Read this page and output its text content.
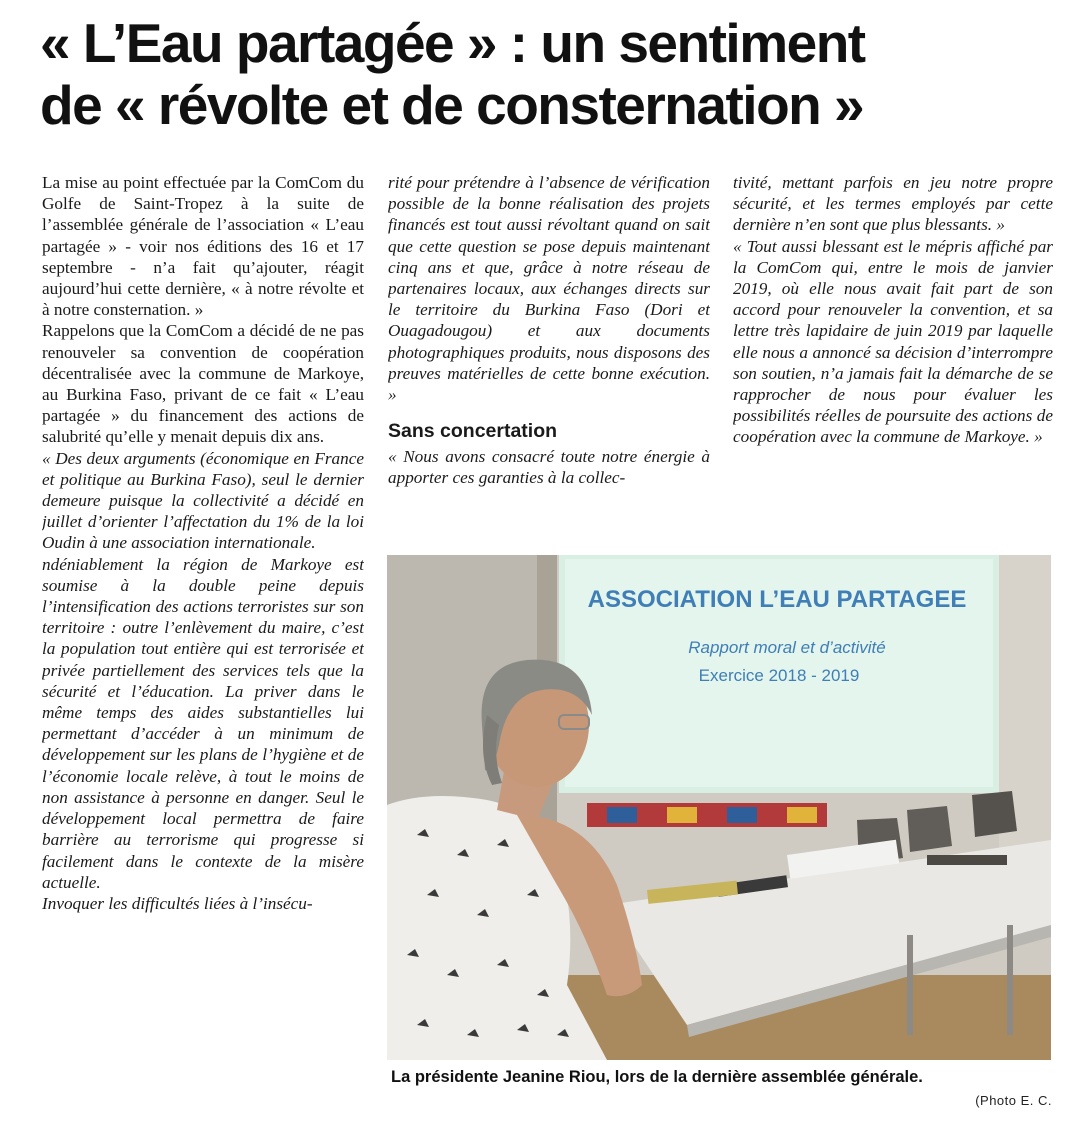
« L’Eau partagée » : un sentiment
de « révolte et de consternation »

La mise au point effectuée par la ComCom du Golfe de Saint-Tropez à la suite de l’assemblée générale de l’association « L’eau partagée » - voir nos éditions des 16 et 17 septembre - n’a fait qu’ajouter, réagit aujourd’hui cette dernière, « à notre révolte et à notre consternation. »

Rappelons que la ComCom a décidé de ne pas renouveler sa convention de coopération décentralisée avec la commune de Markoye, au Burkina Faso, privant de ce fait « L’eau partagée » du financement des actions de salubrité qu’elle y menait depuis dix ans.

« Des deux arguments (économique en France et politique au Burkina Faso), seul le dernier demeure puisque la collectivité a décidé en juillet d’orienter l’affectation du 1% de la loi Oudin à une association internationale.

ndéniablement la région de Markoye est soumise à la double peine depuis l’intensification des actions terroristes sur son territoire : outre l’enlèvement du maire, c’est la population tout entière qui est terrorisée et privée partiellement des services tels que la sécurité et l’éducation. La priver dans le même temps des aides substantielles lui permettant d’accéder à un minimum de développement sur les plans de l’hygiène et de l’économie locale relève, à tout le moins de non assistance à personne en danger. Seul le développement local permettra de faire barrière au terrorisme qui progresse si facilement dans le contexte de la misère actuelle.

Invoquer les difficultés liées à l’insécu-

rité pour prétendre à l’absence de vérification possible de la bonne réalisation des projets financés est tout aussi révoltant quand on sait que cette question se pose depuis maintenant cinq ans et que, grâce à notre réseau de partenaires locaux, aux échanges directs sur le territoire du Burkina Faso (Dori et Ouagadougou) et aux documents photographiques produits, nous disposons des preuves matérielles de cette bonne exécution. »

Sans concertation

« Nous avons consacré toute notre énergie à apporter ces garanties à la collec-

tivité, mettant parfois en jeu notre propre sécurité, et les termes employés par cette dernière n’en sont que plus blessants. »

« Tout aussi blessant est le mépris affiché par la ComCom qui, entre le mois de janvier 2019, où elle nous avait fait part de son accord pour renouveler la convention, et sa lettre très lapidaire de juin 2019 par laquelle elle nous a annoncé sa décision d’interrompre son soutien, n’a jamais fait la démarche de se rapprocher de nous pour évaluer les possibilités réelles de poursuite des actions de coopération avec la commune de Markoye. »

ASSOCIATION L’EAU PARTAGEE
Rapport moral et d’activité
Exercice 2018 - 2019
La présidente Jeanine Riou, lors de la dernière assemblée générale.
(Photo E. C.
